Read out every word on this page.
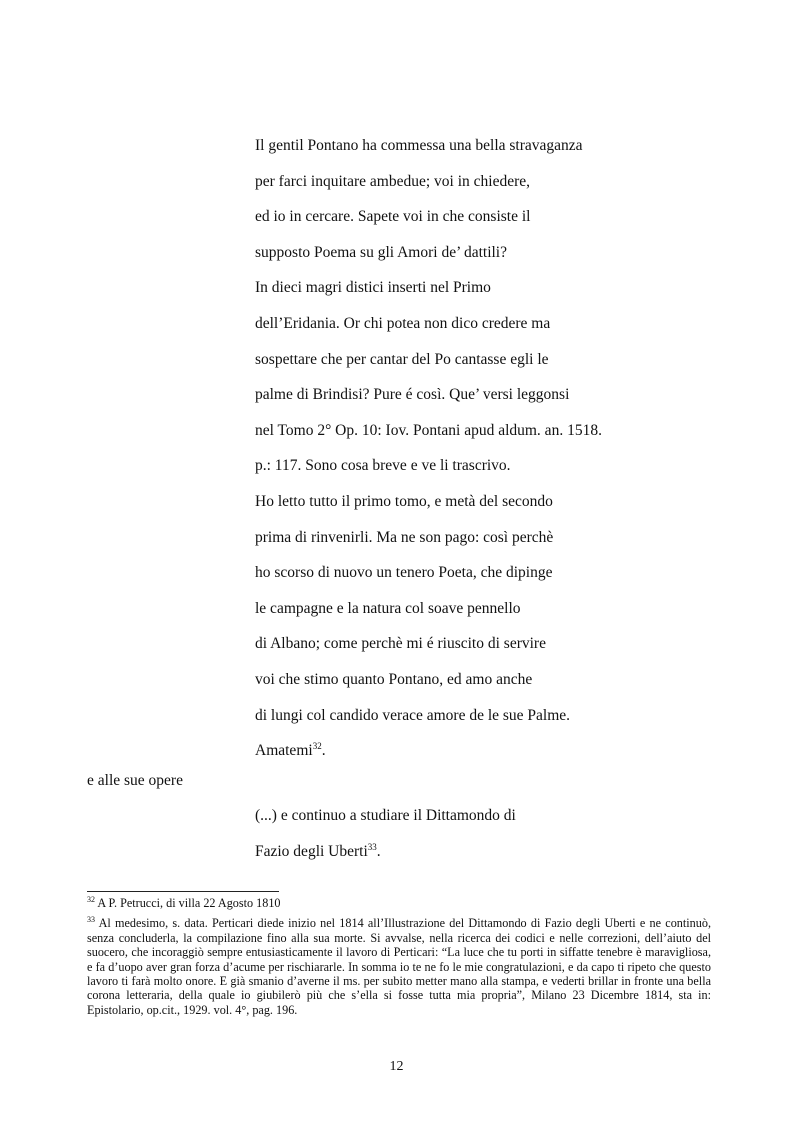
Il gentil Pontano ha commessa una bella stravaganza
per farci inquitare ambedue; voi in chiedere,
ed io in cercare. Sapete voi in che consiste il
supposto Poema su gli Amori de’ dattili?
In dieci magri distici inserti nel Primo
dell’Eridania. Or chi potea non dico credere ma
sospettare che per cantar del Po cantasse egli le
palme di Brindisi? Pure é così. Que’ versi leggonsi
nel Tomo 2° Op. 10: Iov. Pontani apud aldum. an. 1518.
p.: 117. Sono cosa breve e ve li trascrivo.
Ho letto tutto il primo tomo, e metà del secondo
prima di rinvenirli. Ma ne son pago: così perchè
ho scorso di nuovo un tenero Poeta, che dipinge
le campagne e la natura col soave pennello
di Albano; come perchè mi é riuscito di servire
voi che stimo quanto Pontano, ed amo anche
di lungi col candido verace amore de le sue Palme.
Amatemi$^{32}$.
e alle sue opere
(...) e continuo a studiare il Dittamondo di
Fazio degli Uberti$^{33}$.

$^{32}$ A P. Petrucci, di villa 22 Agosto 1810

$^{33}$ Al medesimo, s. data. Perticari diede inizio nel 1814 all’Illustrazione del Dittamondo di Fazio degli Uberti e ne continuò, senza concluderla, la compilazione fino alla sua morte. Si avvalse, nella ricerca dei codici e nelle correzioni, dell’aiuto del suocero, che incoraggiò sempre entusiasticamente il lavoro di Perticari: “La luce che tu porti in siffatte tenebre è maravigliosa, e fa d’uopo aver gran forza d’acume per rischiararle. In somma io te ne fo le mie congratulazioni, e da capo ti ripeto che questo lavoro ti farà molto onore. E già smanio d’averne il ms. per subito metter mano alla stampa, e vederti brillar in fronte una bella corona letteraria, della quale io giubilerò più che s’ella si fosse tutta mia propria”, Milano 23 Dicembre 1814, sta in: Epistolario, op.cit., 1929. vol. 4°, pag. 196.

12
